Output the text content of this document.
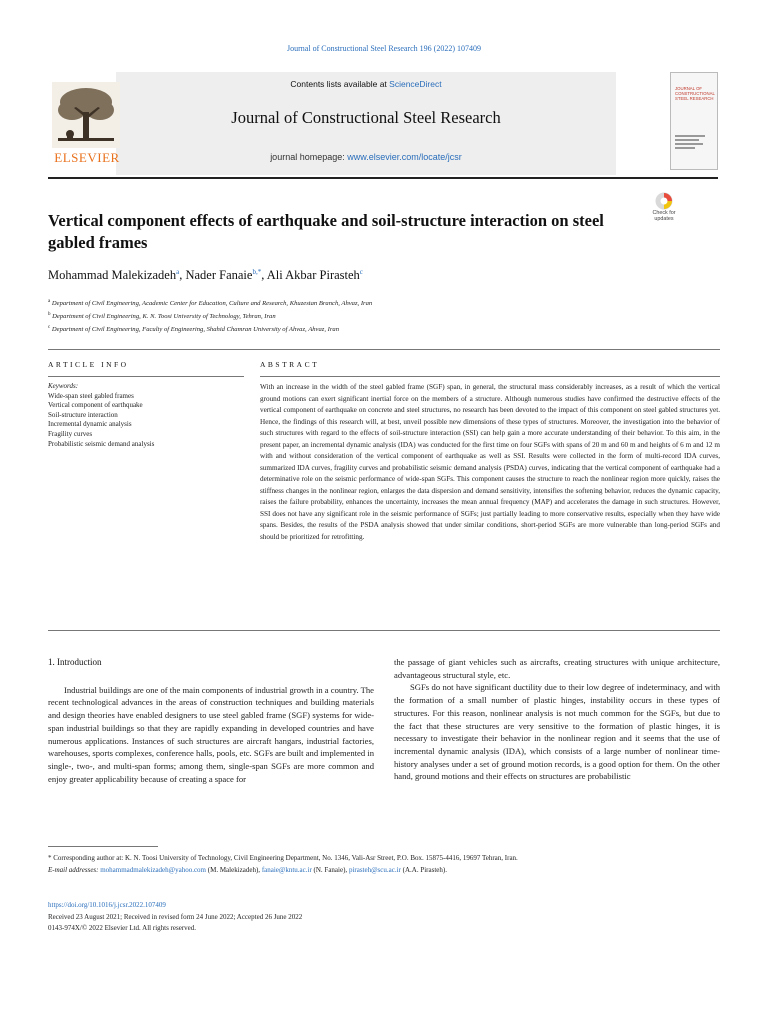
Journal of Constructional Steel Research 196 (2022) 107409
ELSEVIER
Contents lists available at ScienceDirect
Journal of Constructional Steel Research
journal homepage: www.elsevier.com/locate/jcsr
JOURNAL OF CONSTRUCTIONAL STEEL RESEARCH
Vertical component effects of earthquake and soil-structure interaction on steel gabled frames
Check for
updates
Mohammad Malekizadeh$^a$, Nader Fanaie$^{b,*}$, Ali Akbar Pirasteh$^c$
$^a$ Department of Civil Engineering, Academic Center for Education, Culture and Research, Khuzestan Branch, Ahvaz, Iran
$^b$ Department of Civil Engineering, K. N. Toosi University of Technology, Tehran, Iran
$^c$ Department of Civil Engineering, Faculty of Engineering, Shahid Chamran University of Ahvaz, Ahvaz, Iran
ARTICLE INFO
Keywords:
Wide-span steel gabled frames
Vertical component of earthquake
Soil-structure interaction
Incremental dynamic analysis
Fragility curves
Probabilistic seismic demand analysis
ABSTRACT
With an increase in the width of the steel gabled frame (SGF) span, in general, the structural mass considerably increases, as a result of which the vertical ground motions can exert significant inertial force on the members of a structure. Although numerous studies have confirmed the destructive effects of the vertical component of earthquake on concrete and steel structures, no research has been devoted to the impact of this component on steel gabled structures yet. Hence, the findings of this research will, at best, unveil possible new dimensions of these types of structures. Moreover, the investigation into the behavior of such structures with regard to the effects of soil-structure interaction (SSI) can help gain a more accurate understanding of their behavior. To this aim, in the present paper, an incremental dynamic analysis (IDA) was conducted for the first time on four SGFs with spans of 20 m and 60 m and heights of 6 m and 12 m with and without consideration of the vertical component of earthquake as well as SSI. Results were collected in the form of multi-record IDA curves, summarized IDA curves, fragility curves and probabilistic seismic demand analysis (PSDA) curves, indicating that the vertical component of earthquake had a determinative role on the seismic performance of wide-span SGFs. This component causes the structure to reach the nonlinear region more quickly, raises the stiffness changes in the nonlinear region, enlarges the data dispersion and demand sensitivity, intensifies the softening behavior, reduces the dynamic capacity, raises the failure probability, enhances the uncertainty, increases the mean annual frequency (MAP) and accelerates the damage in such structures. However, SSI does not have any significant role in the seismic performance of SGFs; just partially leading to more conservative results, especially when they have wide spans. Besides, the results of the PSDA analysis showed that under similar conditions, short-period SGFs are more vulnerable than long-period SGFs and should be prioritized for retrofitting.
1. Introduction

Industrial buildings are one of the main components of industrial growth in a country. The recent technological advances in the areas of construction techniques and building materials and design theories have enabled designers to use steel gabled frame (SGF) systems for wide-span industrial buildings so that they are rapidly expanding in developed countries and have numerous applications. Instances of such structures are aircraft hangars, industrial factories, warehouses, sports complexes, conference halls, pools, etc. SGFs are built and implemented in single-, two-, and multi-span forms; among them, single-span SGFs are more common and enjoy greater applicability because of creating a space for

the passage of giant vehicles such as aircrafts, creating structures with unique architecture, advantageous structural style, etc.

SGFs do not have significant ductility due to their low degree of indeterminacy, and with the formation of a small number of plastic hinges, instability occurs in these types of structures. For this reason, nonlinear analysis is not much common for the SGFs, but due to the fact that these structures are very sensitive to the formation of plastic hinges, it is necessary to investigate their behavior in the nonlinear region and it seems that the use of incremental dynamic analysis (IDA), which consists of a large number of nonlinear time-history analyses under a set of ground motion records, is a good option for them. On the other hand, ground motions and their effects on structures are probabilistic

* Corresponding author at: K. N. Toosi University of Technology, Civil Engineering Department, No. 1346, Vali-Asr Street, P.O. Box. 15875-4416, 19697 Tehran, Iran.

E-mail addresses: mohammadmalekizadeh@yahoo.com (M. Malekizadeh), fanaie@kntu.ac.ir (N. Fanaie), pirasteh@scu.ac.ir (A.A. Pirasteh).

https://doi.org/10.1016/j.jcsr.2022.107409

Received 23 August 2021; Received in revised form 24 June 2022; Accepted 26 June 2022

0143-974X/© 2022 Elsevier Ltd. All rights reserved.
